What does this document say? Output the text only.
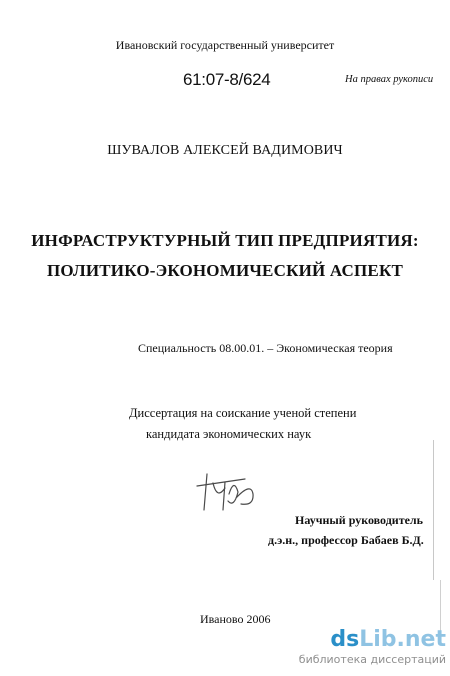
Ивановский государственный университет
61:07-8/624	На правах рукописи
ШУВАЛОВ АЛЕКСЕЙ ВАДИМОВИЧ
ИНФРАСТРУКТУРНЫЙ ТИП ПРЕДПРИЯТИЯ:
ПОЛИТИКО-ЭКОНОМИЧЕСКИЙ АСПЕКТ
Специальность 08.00.01. – Экономическая теория
Диссертация на соискание ученой степени
кандидата экономических наук
Научный руководитель
д.э.н., профессор Бабаев Б.Д.
Иваново 2006
dsLib.net
библиотека диссертаций
